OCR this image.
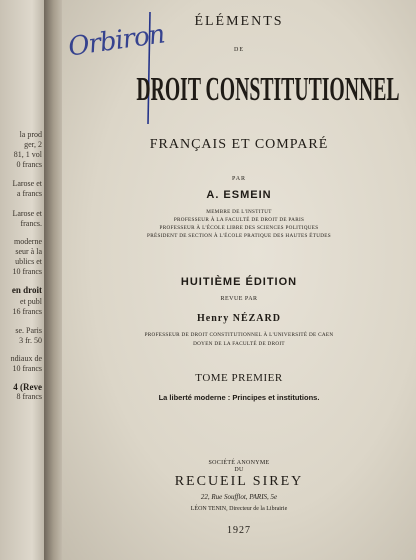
la prod
ger, 2
81, 1 vol
0 francs
Larose et
a francs
Larose et
francs.
moderne
seur à la
ublics et
10 francs
en droit
et publ
16 francs
se. Paris
3 fr. 50
ndiaux de
10 francs
4 (Reve
8 francs
Orbiron	ÉLÉMENTS
DE
DROIT CONSTITUTIONNEL
FRANÇAIS ET COMPARÉ
PAR
A. ESMEIN
MEMBRE DE L'INSTITUT
PROFESSEUR À LA FACULTÉ DE DROIT DE PARIS
PROFESSEUR À L'ÉCOLE LIBRE DES SCIENCES POLITIQUES
PRÉSIDENT DE SECTION À L'ÉCOLE PRATIQUE DES HAUTES ÉTUDES
HUITIÈME ÉDITION
REVUE PAR
Henry NÉZARD
PROFESSEUR DE DROIT CONSTITUTIONNEL À L'UNIVERSITÉ DE CAEN
DOYEN DE LA FACULTÉ DE DROIT
TOME PREMIER
La liberté moderne : Principes et institutions.
SOCIÉTÉ ANONYME
DU
RECUEIL SIREY
22, Rue Soufflot, PARIS, 5e
LÉON TENIN, Directeur de la Librairie
1927
